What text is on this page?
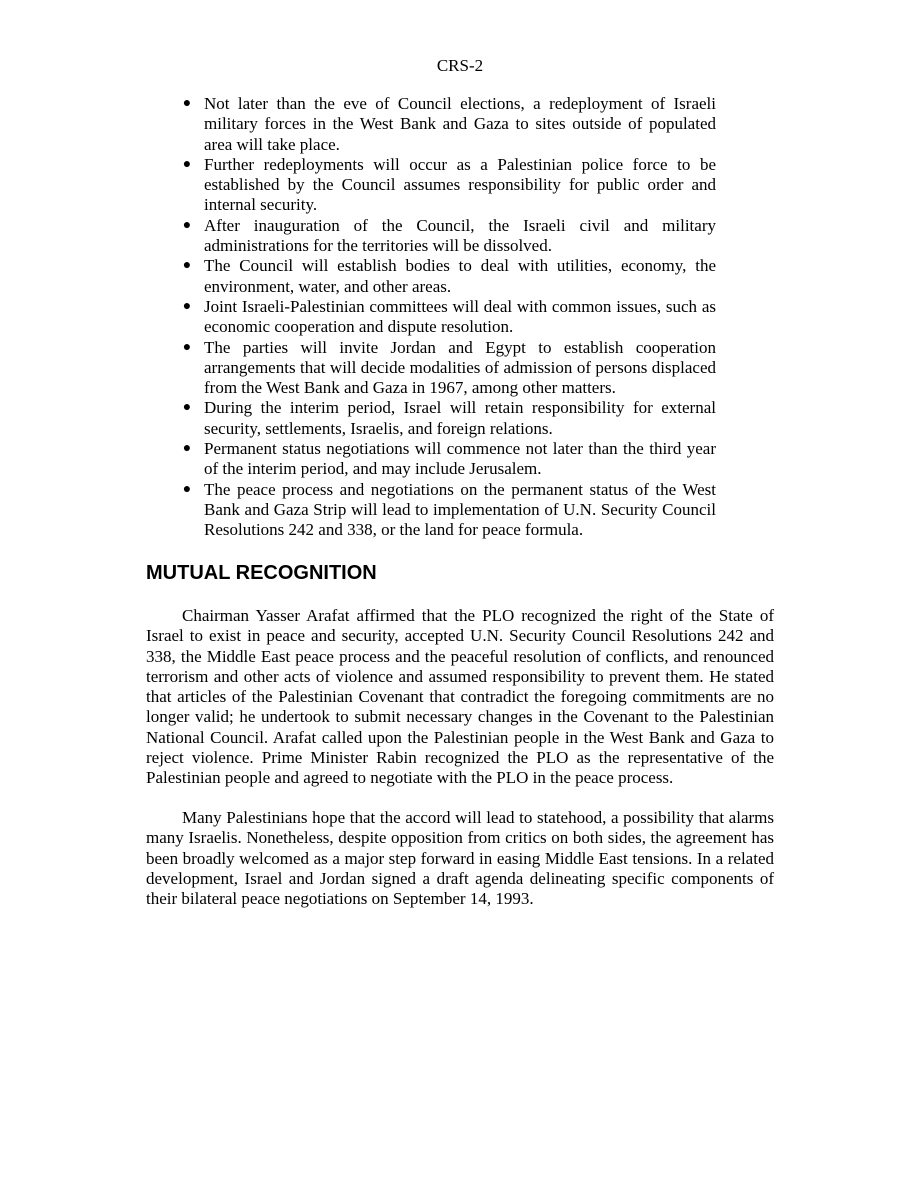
CRS-2
● Not later than the eve of Council elections, a redeployment of Israeli military forces in the West Bank and Gaza to sites outside of populated area will take place.
● Further redeployments will occur as a Palestinian police force to be established by the Council assumes responsibility for public order and internal security.
● After inauguration of the Council, the Israeli civil and military administrations for the territories will be dissolved.
● The Council will establish bodies to deal with utilities, economy, the environment, water, and other areas.
● Joint Israeli-Palestinian committees will deal with common issues, such as economic cooperation and dispute resolution.
● The parties will invite Jordan and Egypt to establish cooperation arrangements that will decide modalities of admission of persons displaced from the West Bank and Gaza in 1967, among other matters.
● During the interim period, Israel will retain responsibility for external security, settlements, Israelis, and foreign relations.
● Permanent status negotiations will commence not later than the third year of the interim period, and may include Jerusalem.
● The peace process and negotiations on the permanent status of the West Bank and Gaza Strip will lead to implementation of U.N. Security Council Resolutions 242 and 338, or the land for peace formula.
MUTUAL RECOGNITION

Chairman Yasser Arafat affirmed that the PLO recognized the right of the State of Israel to exist in peace and security, accepted U.N. Security Council Resolutions 242 and 338, the Middle East peace process and the peaceful resolution of conflicts, and renounced terrorism and other acts of violence and assumed responsibility to prevent them. He stated that articles of the Palestinian Covenant that contradict the foregoing commitments are no longer valid; he undertook to submit necessary changes in the Covenant to the Palestinian National Council. Arafat called upon the Palestinian people in the West Bank and Gaza to reject violence. Prime Minister Rabin recognized the PLO as the representative of the Palestinian people and agreed to negotiate with the PLO in the peace process.

Many Palestinians hope that the accord will lead to statehood, a possibility that alarms many Israelis. Nonetheless, despite opposition from critics on both sides, the agreement has been broadly welcomed as a major step forward in easing Middle East tensions. In a related development, Israel and Jordan signed a draft agenda delineating specific components of their bilateral peace negotiations on September 14, 1993.
